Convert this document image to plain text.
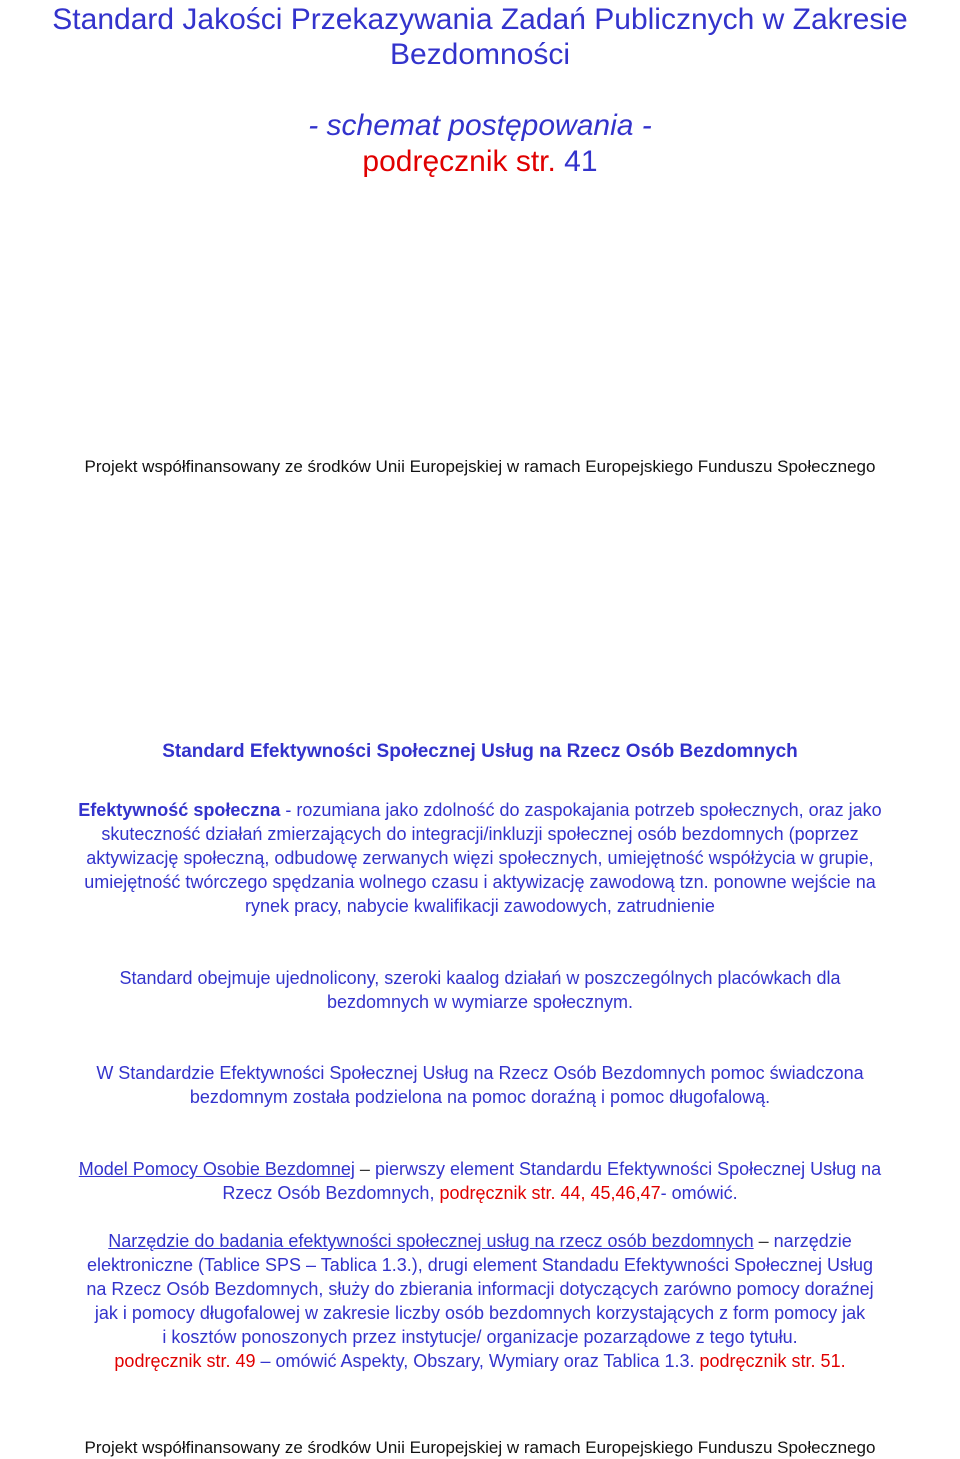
Standard Jakości Przekazywania Zadań Publicznych w Zakresie
Bezdomności
- schemat postępowania -
podręcznik str. 41
Projekt współfinansowany ze środków Unii Europejskiej w ramach Europejskiego Funduszu Społecznego
Standard Efektywności Społecznej Usług na Rzecz Osób Bezdomnych
Efektywność społeczna - rozumiana jako zdolność do zaspokajania potrzeb społecznych, oraz jako
skuteczność działań zmierzających do integracji/inkluzji społecznej osób bezdomnych (poprzez
aktywizację społeczną, odbudowę zerwanych więzi społecznych, umiejętność współżycia w grupie,
umiejętność twórczego spędzania wolnego czasu i aktywizację zawodową tzn. ponowne wejście na
rynek pracy, nabycie kwalifikacji zawodowych, zatrudnienie
Standard obejmuje ujednolicony, szeroki kaalog działań w poszczególnych placówkach dla
bezdomnych w wymiarze społecznym.
W Standardzie Efektywności Społecznej Usług na Rzecz Osób Bezdomnych pomoc świadczona
bezdomnym została podzielona na pomoc doraźną i pomoc długofalową.
Model Pomocy Osobie Bezdomnej – pierwszy element Standardu Efektywności Społecznej Usług na
Rzecz Osób Bezdomnych, podręcznik str. 44, 45,46,47- omówić.
Narzędzie do badania efektywności społecznej usług na rzecz osób bezdomnych – narzędzie
elektroniczne (Tablice SPS – Tablica 1.3.), drugi element Standadu Efektywności Społecznej Usług
na Rzecz Osób Bezdomnych, służy do zbierania informacji dotyczących zarówno pomocy doraźnej
jak i pomocy długofalowej w zakresie liczby osób bezdomnych korzystających z form pomocy jak
i kosztów ponoszonych przez instytucje/ organizacje pozarządowe z tego tytułu.
podręcznik str. 49 – omówić Aspekty, Obszary, Wymiary oraz Tablica 1.3. podręcznik str. 51.
Projekt współfinansowany ze środków Unii Europejskiej w ramach Europejskiego Funduszu Społecznego
